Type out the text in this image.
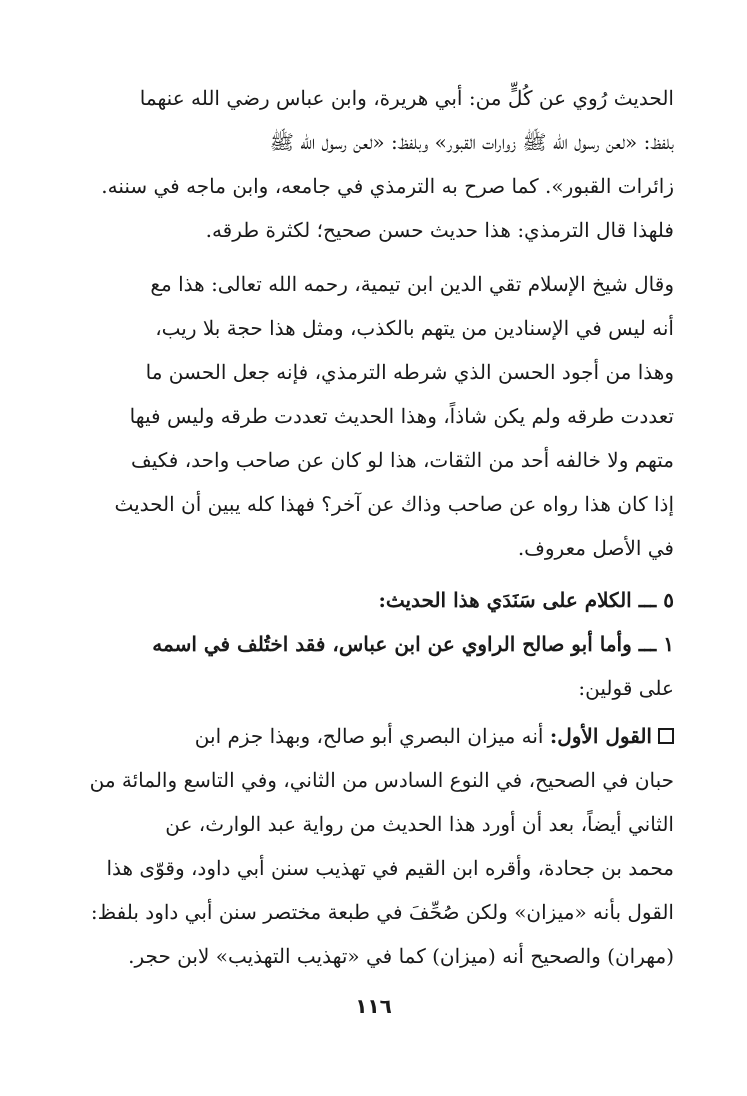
الحديث رُوي عن كُلٍّ من: أبي هريرة، وابن عباس رضي الله عنهما
بلفظ: «لعن رسول الله ﷺ زوارات القبور» وبلفظ: «لعن رسول الله ﷺ
زائرات القبور». كما صرح به الترمذي في جامعه، وابن ماجه في سننه.
فلهذا قال الترمذي: هذا حديث حسن صحيح؛ لكثرة طرقه.
وقال شيخ الإسلام تقي الدين ابن تيمية، رحمه الله تعالى: هذا مع
أنه ليس في الإسنادين من يتهم بالكذب، ومثل هذا حجة بلا ريب،
وهذا من أجود الحسن الذي شرطه الترمذي، فإنه جعل الحسن ما
تعددت طرقه ولم يكن شاذاً، وهذا الحديث تعددت طرقه وليس فيها
متهم ولا خالفه أحد من الثقات، هذا لو كان عن صاحب واحد، فكيف
إذا كان هذا رواه عن صاحب وذاك عن آخر؟ فهذا كله يبين أن الحديث
في الأصل معروف.
٥ ـــ الكلام على سَنَدَي هذا الحديث:
١ ـــ وأما أبو صالح الراوي عن ابن عباس، فقد اختُلف في اسمه
على قولين:
القول الأول: أنه ميزان البصري أبو صالح، وبهذا جزم ابن
حبان في الصحيح، في النوع السادس من الثاني، وفي التاسع والمائة من
الثاني أيضاً، بعد أن أورد هذا الحديث من رواية عبد الوارث، عن
محمد بن جحادة، وأقره ابن القيم في تهذيب سنن أبي داود، وقوّى هذا
القول بأنه «ميزان» ولكن صُحِّفَ في طبعة مختصر سنن أبي داود بلفظ:
(مهران) والصحيح أنه (ميزان) كما في «تهذيب التهذيب» لابن حجر.
١١٦
